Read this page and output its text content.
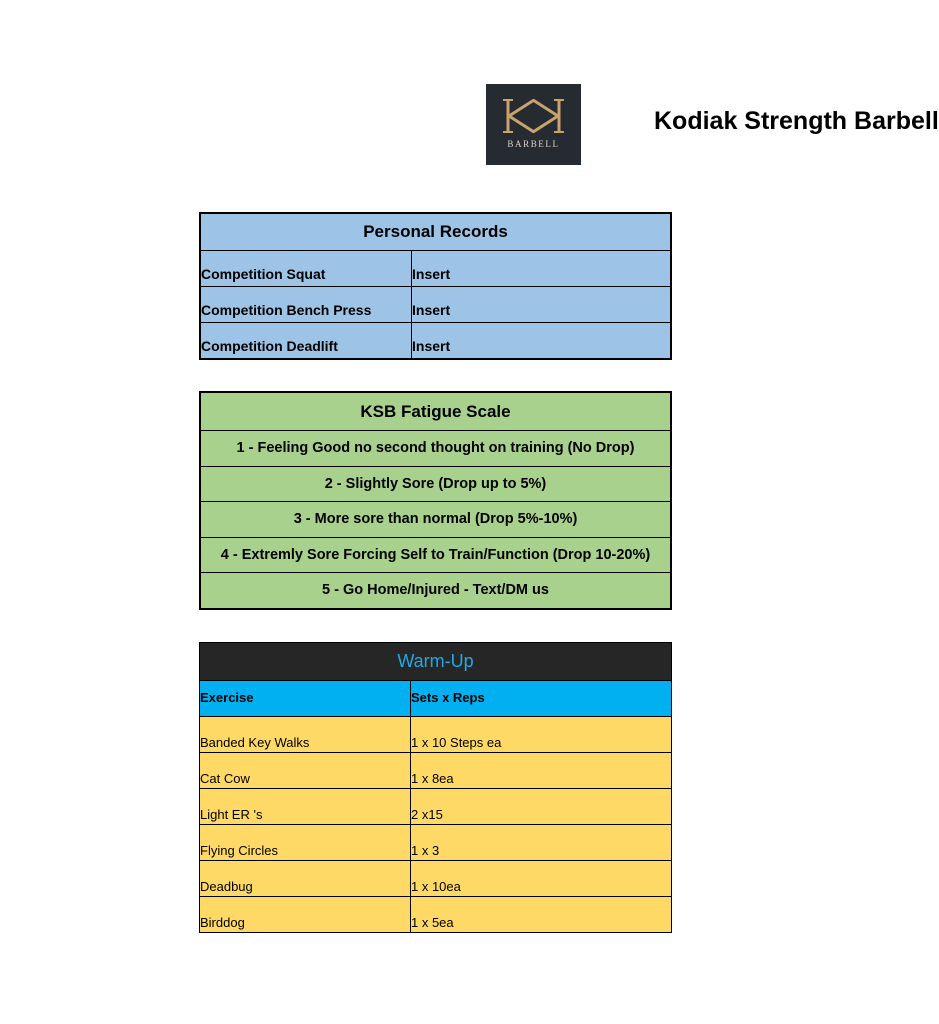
BARBELL
Kodiak Strength Barbell
Personal Records
Competition Squat	Insert
Competition Bench Press	Insert
Competition Deadlift	Insert
KSB Fatigue Scale
1 - Feeling Good no second thought on training (No Drop)
2 - Slightly Sore (Drop up to 5%)
3 - More sore than normal (Drop 5%-10%)
4 - Extremly Sore Forcing Self to Train/Function (Drop 10-20%)
5 - Go Home/Injured - Text/DM us
Warm-Up
Exercise	Sets x Reps
Banded Key Walks	1 x 10 Steps ea
Cat Cow	1 x 8ea
Light ER 's	2 x15
Flying Circles	1 x 3
Deadbug	1 x 10ea
Birddog	1 x 5ea
